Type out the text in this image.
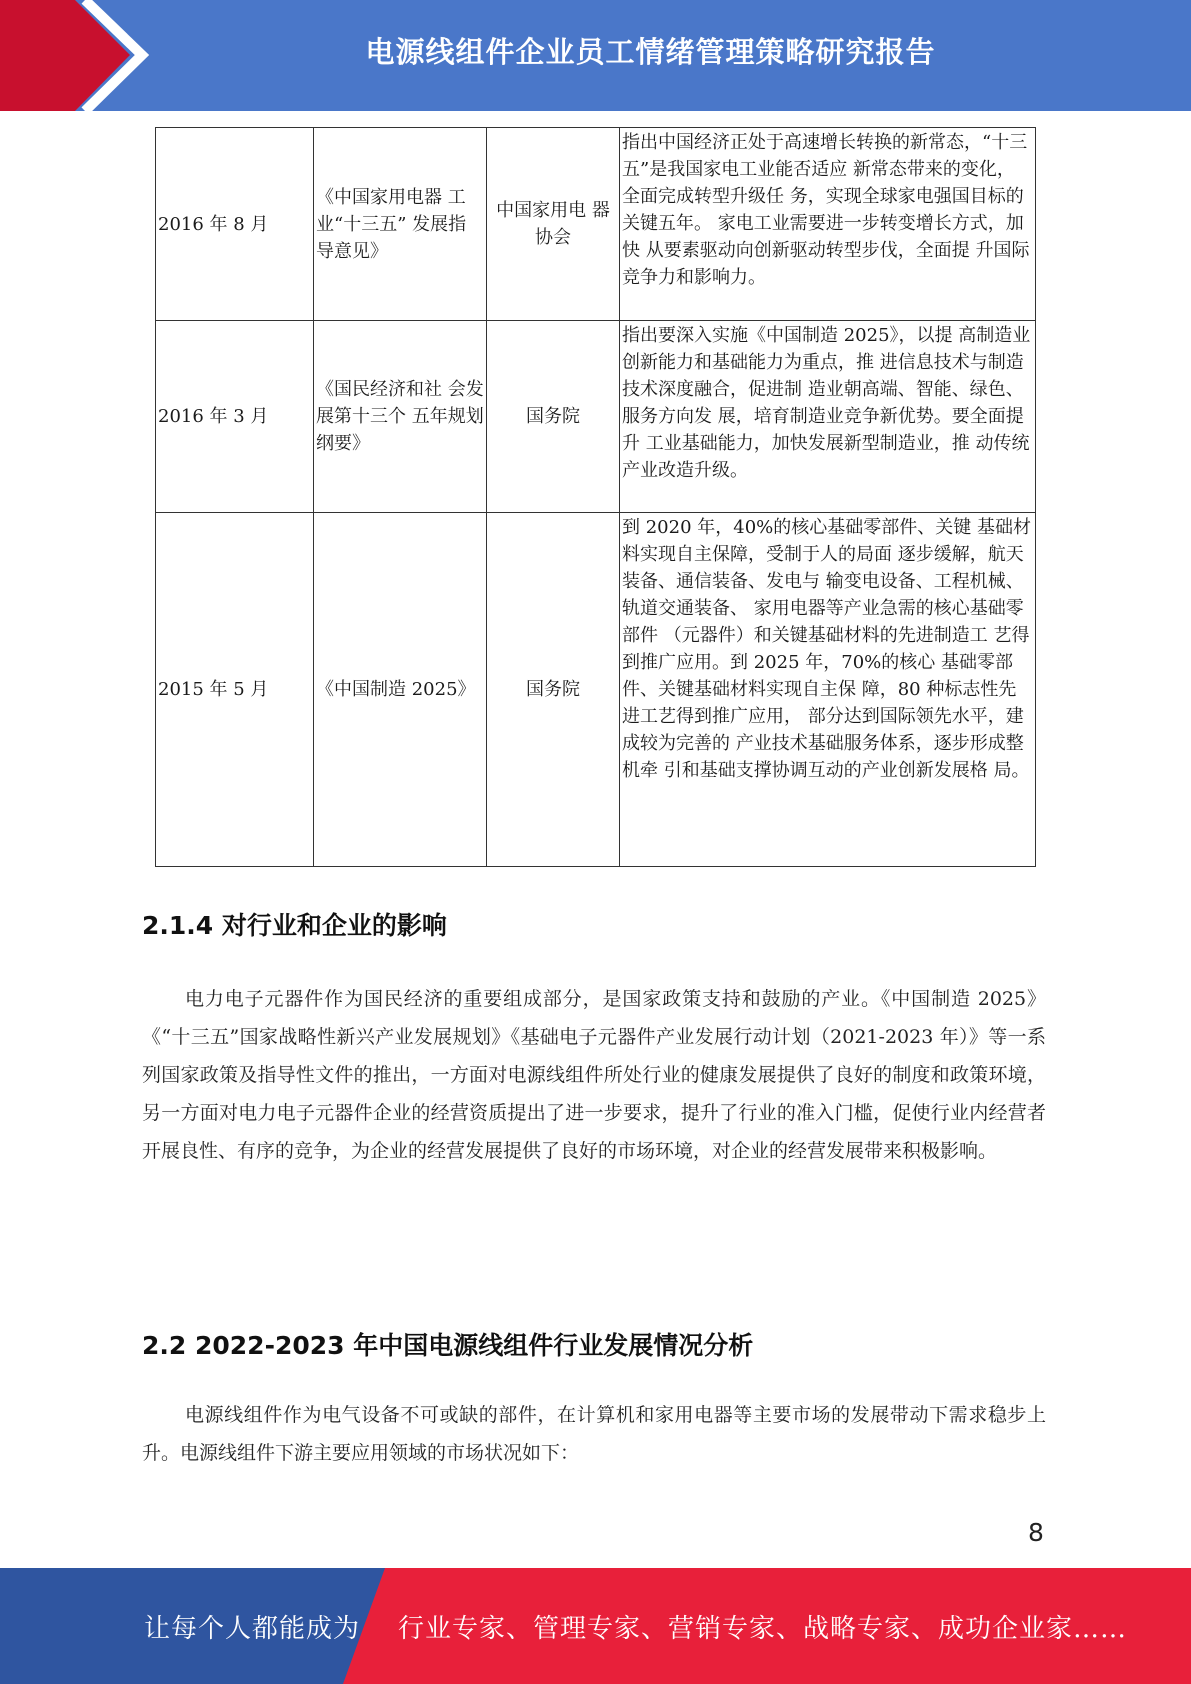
电源线组件企业员工情绪管理策略研究报告
2016 年 8 月	《中国家用电器 工业“十三五” 发展指导意见》	中国家用电 器协会	指出中国经济正处于高速增长转换的新常态，“十三五”是我国家电工业能否适应 新常态带来的变化，全面完成转型升级任 务，实现全球家电强国目标的关键五年。 家电工业需要进一步转变增长方式，加快 从要素驱动向创新驱动转型步伐，全面提 升国际竞争力和影响力。
2016 年 3 月	《国民经济和社 会发展第十三个 五年规划纲要》	国务院	指出要深入实施《中国制造 2025》，以提 高制造业创新能力和基础能力为重点，推 进信息技术与制造技术深度融合，促进制 造业朝高端、智能、绿色、服务方向发 展，培育制造业竞争新优势。要全面提升 工业基础能力，加快发展新型制造业，推 动传统产业改造升级。
2015 年 5 月	《中国制造 2025》	国务院	到 2020 年，40%的核心基础零部件、关键 基础材料实现自主保障，受制于人的局面 逐步缓解，航天装备、通信装备、发电与 输变电设备、工程机械、轨道交通装备、 家用电器等产业急需的核心基础零部件 （元器件）和关键基础材料的先进制造工 艺得到推广应用。到 2025 年，70%的核心 基础零部件、关键基础材料实现自主保 障，80 种标志性先进工艺得到推广应用， 部分达到国际领先水平，建成较为完善的 产业技术基础服务体系，逐步形成整机牵 引和基础支撑协调互动的产业创新发展格 局。
2.1.4 对行业和企业的影响

电力电子元器件作为国民经济的重要组成部分，是国家政策支持和鼓励的产业。《中国制造 2025》《“十三五”国家战略性新兴产业发展规划》《基础电子元器件产业发展行动计划（2021-2023 年）》等一系列国家政策及指导性文件的推出，一方面对电源线组件所处行业的健康发展提供了良好的制度和政策环境，另一方面对电力电子元器件企业的经营资质提出了进一步要求，提升了行业的准入门槛，促使行业内经营者开展良性、有序的竞争，为企业的经营发展提供了良好的市场环境，对企业的经营发展带来积极影响。

2.2 2022-2023 年中国电源线组件行业发展情况分析

电源线组件作为电气设备不可或缺的部件，在计算机和家用电器等主要市场的发展带动下需求稳步上升。电源线组件下游主要应用领域的市场状况如下：

8
让每个人都能成为 行业专家、管理专家、营销专家、战略专家、成功企业家……
